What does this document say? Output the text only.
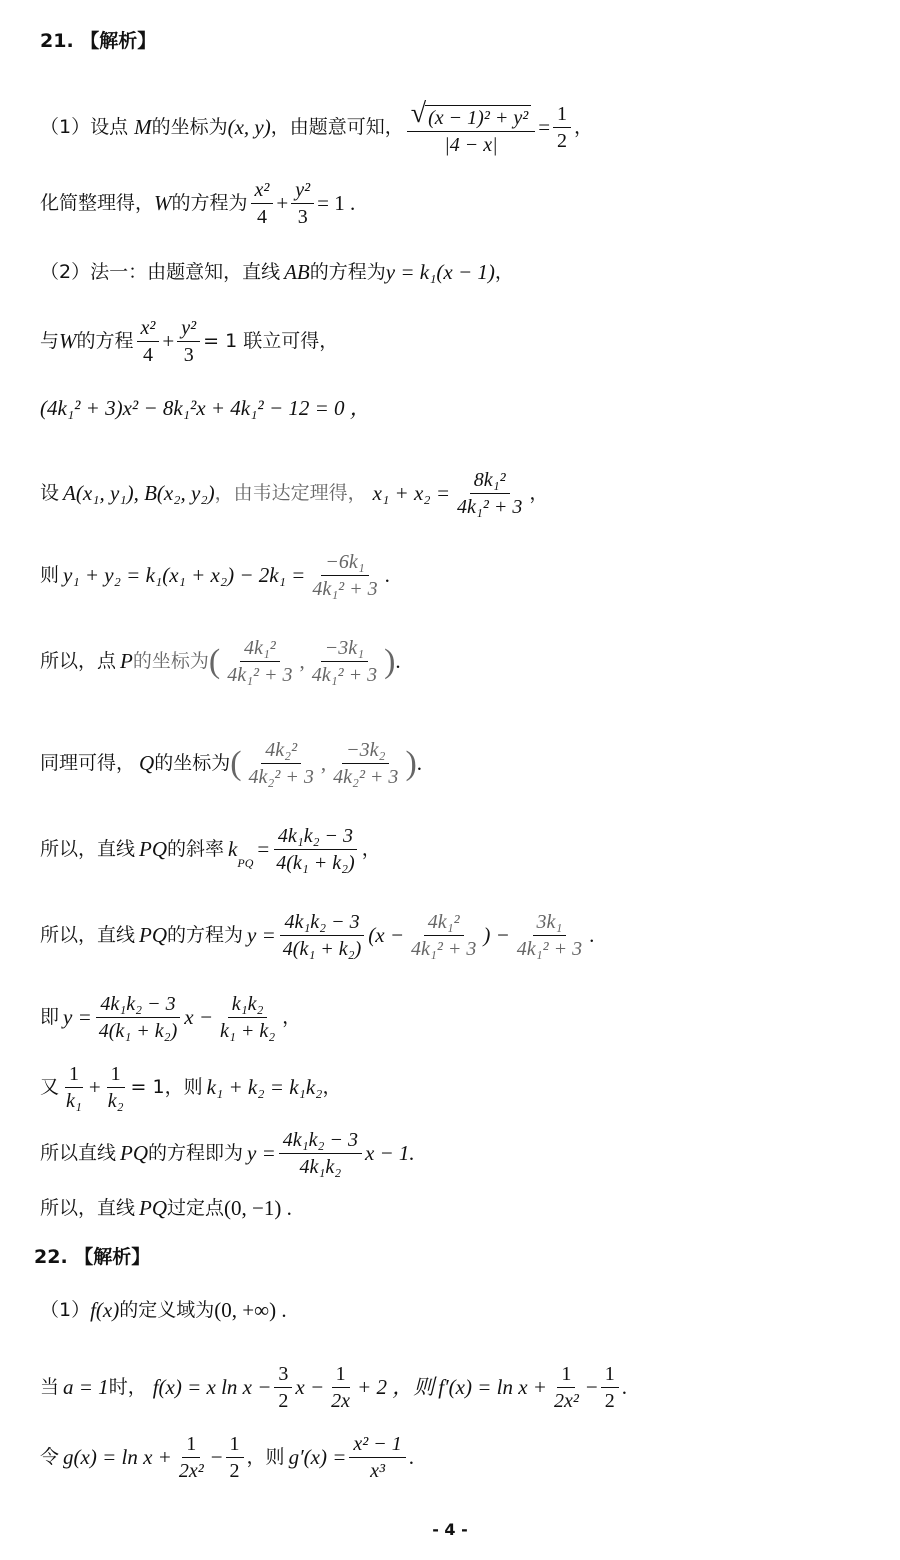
21. 【解析】
（1）设点 M 的坐标为 (x, y) ，由题意可知， $\frac{\text{√ (x − 1)² + y²}}{|4 - x|} = \frac{1}{2}$ ，
化简整理得， W 的方程为 $\frac{\text{x²}}{4} + \frac{\text{y²}}{3} = 1$ .
（2）法一：由题意知，直线 AB 的方程为 y = k₁(x − 1) ，
与 W 的方程 $\frac{\text{x²}}{4} + \frac{\text{y²}}{3} = 1$ 联立可得，
(4k₁² + 3)x² − 8k₁²x + 4k₁² − 12 = 0 ，
设 A(x₁, y₁), B(x₂, y₂) ，由韦达定理得， $x_1 + x_2 = \frac{\text{8k₁²}}{\text{4k₁² + 3}}$ ，
则 $y_1 + y_2 = k_1(x_1 + x_2) - 2k_1 = \frac{\text{−6k₁}}{\text{4k₁² + 3}}$ .
所以，点 P 的坐标为 ( $\frac{\text{4k₁²}}{\text{4k₁² + 3}}$ , $\frac{\text{−3k₁}}{\text{4k₁² + 3}}$ ) .
同理可得， Q 的坐标为 ( $\frac{\text{4k₂²}}{\text{4k₂² + 3}}$ , $\frac{\text{−3k₂}}{\text{4k₂² + 3}}$ ) .
所以，直线 PQ 的斜率 k
PQ
= $\frac{\text{4k₁k₂ − 3}}{\text{4(k₁ + k₂)}}$ ，
所以，直线 PQ 的方程为 $y = \frac{\text{4k₁k₂ − 3}}{\text{4(k₁ + k₂)}} (x - \frac{\text{4k₁²}}{\text{4k₁² + 3}}$ ) − $\frac{\text{3k₁}}{\text{4k₁² + 3}}$ .
即 $y = \frac{\text{4k₁k₂ − 3}}{\text{4(k₁ + k₂)}}$ $x - \frac{\text{k₁k₂}}{\text{k₁ + k₂}}$ ，
又 $\frac{1}{\text{k₁}} + \frac{1}{\text{k₂}} = 1$，则 k₁ + k₂ = k₁k₂ ，
所以直线 PQ 的方程即为 $y = \frac{\text{4k₁k₂ − 3}}{\text{4k₁k₂}}$ x − 1.
所以，直线 PQ 过定点 (0, −1) .
22. 【解析】
（1） f(x) 的定义域为 (0, +∞) .
当 a = 1 时， f(x) = x $\ln x - \frac{3}{2}$ $x - \frac{1}{2x} + 2$ ，则 $f'(x) = \ln x + \frac{1}{\text{2x²}} - \frac{1}{2}$ .
令 $g(x) = \ln x + \frac{1}{\text{2x²}} - \frac{1}{2}$ ，则 $g'(x) = \frac{\text{x² − 1}}{\text{x³}}$ .
- 4 -
